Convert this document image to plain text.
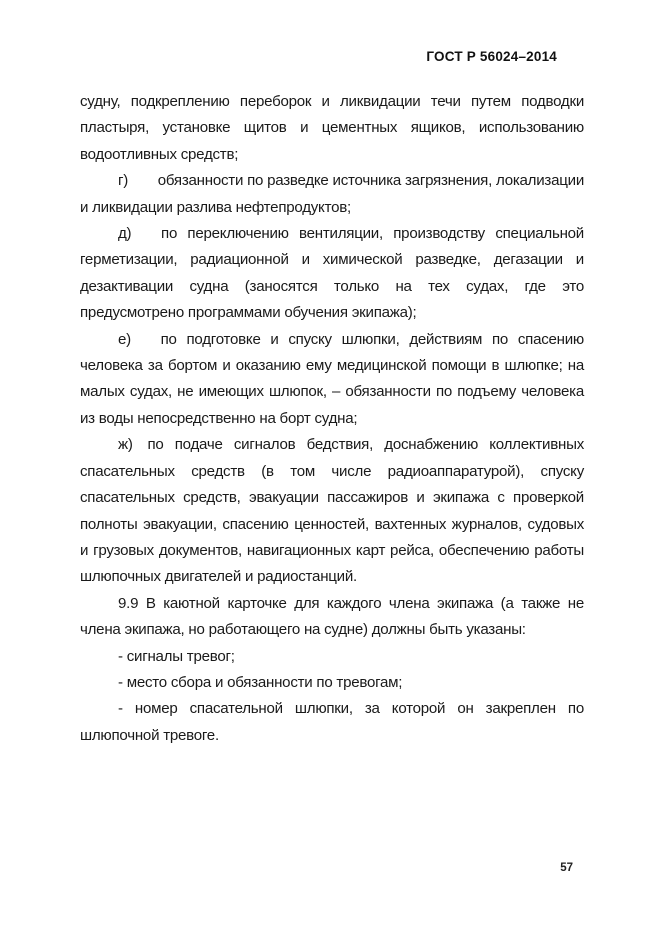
ГОСТ Р 56024–2014

судну, подкреплению переборок и ликвидации течи путем подводки пластыря, установке щитов и цементных ящиков, использованию водоотливных средств;

г)  обязанности по разведке источника загрязнения, локализации и ликвидации разлива нефтепродуктов;

д)  по переключению вентиляции, производству специальной герметизации, радиационной и химической разведке, дегазации и дезактивации судна (заносятся только на тех судах, где это предусмотрено программами обучения экипажа);

е)  по подготовке и спуску шлюпки, действиям по спасению человека за бортом и оказанию ему медицинской помощи в шлюпке; на малых судах, не имеющих шлюпок, – обязанности по подъему человека из воды непосредственно на борт судна;

ж) по подаче сигналов бедствия, доснабжению коллективных спасательных средств (в том числе радиоаппаратурой), спуску спасательных средств, эвакуации пассажиров и экипажа с проверкой полноты эвакуации, спасению ценностей, вахтенных журналов, судовых и грузовых документов, навигационных карт рейса, обеспечению работы шлюпочных двигателей и радиостанций.

9.9 В каютной карточке для каждого члена экипажа (а также не члена экипажа, но работающего на судне) должны быть указаны:

- сигналы тревог;

- место сбора и обязанности по тревогам;

- номер спасательной шлюпки, за которой он закреплен по шлюпочной тревоге.

57
